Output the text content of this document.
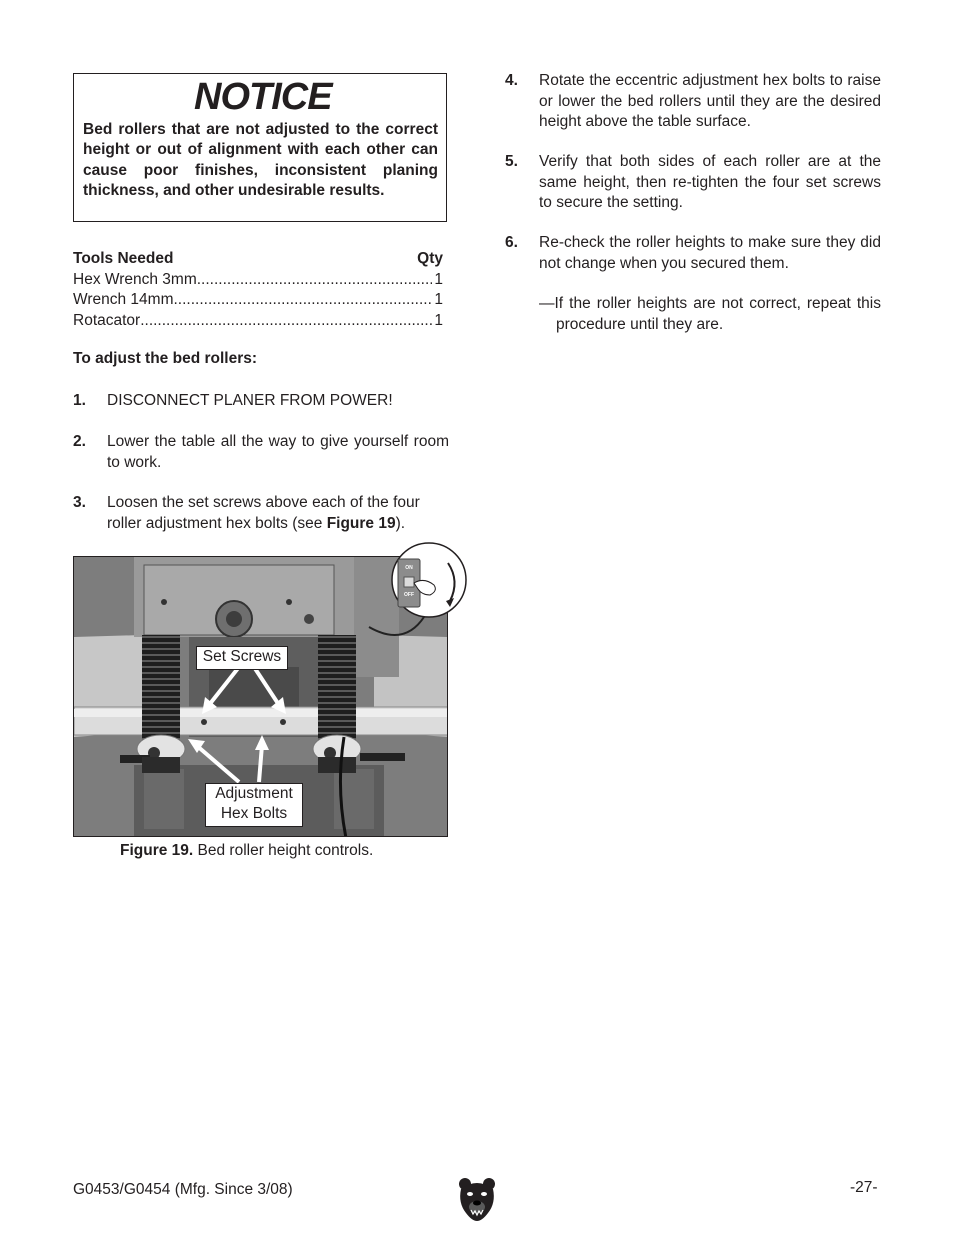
NOTICE
Bed rollers that are not adjusted to the correct height or out of alignment with each other can cause poor finishes, inconsistent planing thickness, and other undesirable results.
Tools Needed	Qty
Hex Wrench 3mm .....	1
Wrench 14mm .....	1
Rotacator .....	1
To adjust the bed rollers:
1. DISCONNECT PLANER FROM POWER!
2. Lower the table all the way to give yourself room to work.
3. Loosen the set screws above each of the four roller adjustment hex bolts (see Figure 19).
4. Rotate the eccentric adjustment hex bolts to raise or lower the bed rollers until they are the desired height above the table surface.
5. Verify that both sides of each roller are at the same height, then re-tighten the four set screws to secure the setting.
6. Re-check the roller heights to make sure they did not change when you secured them.
—If the roller heights are not correct, repeat this procedure until they are.
Set Screws
Adjustment
Hex Bolts
ON
OFF
Figure 19. Bed roller height controls.
G0453/G0454 (Mfg. Since 3/08)	-27-
